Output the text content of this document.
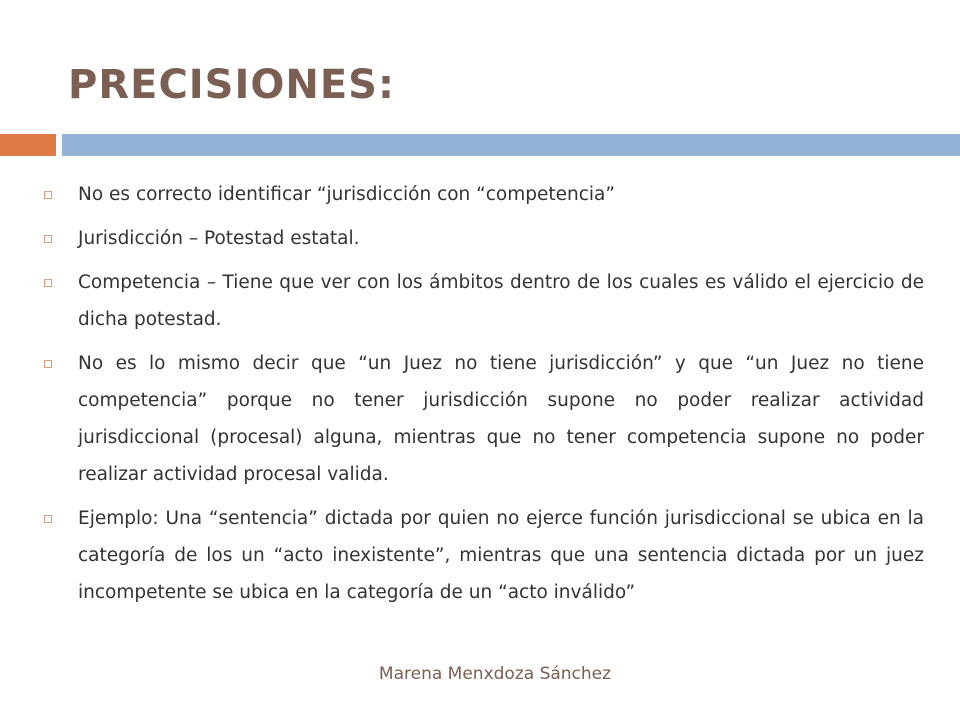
PRECISIONES:
No es correcto identificar “jurisdicción con “competencia”
Jurisdicción – Potestad estatal.
Competencia – Tiene que ver con los ámbitos dentro de los cuales es válido el ejercicio de dicha potestad.
No es lo mismo decir que “un Juez no tiene jurisdicción” y que “un Juez no tiene competencia” porque no tener jurisdicción supone no poder realizar actividad jurisdiccional (procesal) alguna, mientras que no tener competencia supone no poder realizar actividad procesal valida.
Ejemplo: Una “sentencia” dictada por quien no ejerce función jurisdiccional se ubica en la categoría de los un “acto inexistente”, mientras que una sentencia dictada por un juez incompetente se ubica en la categoría de un “acto inválido”
Marena Menxdoza Sánchez
